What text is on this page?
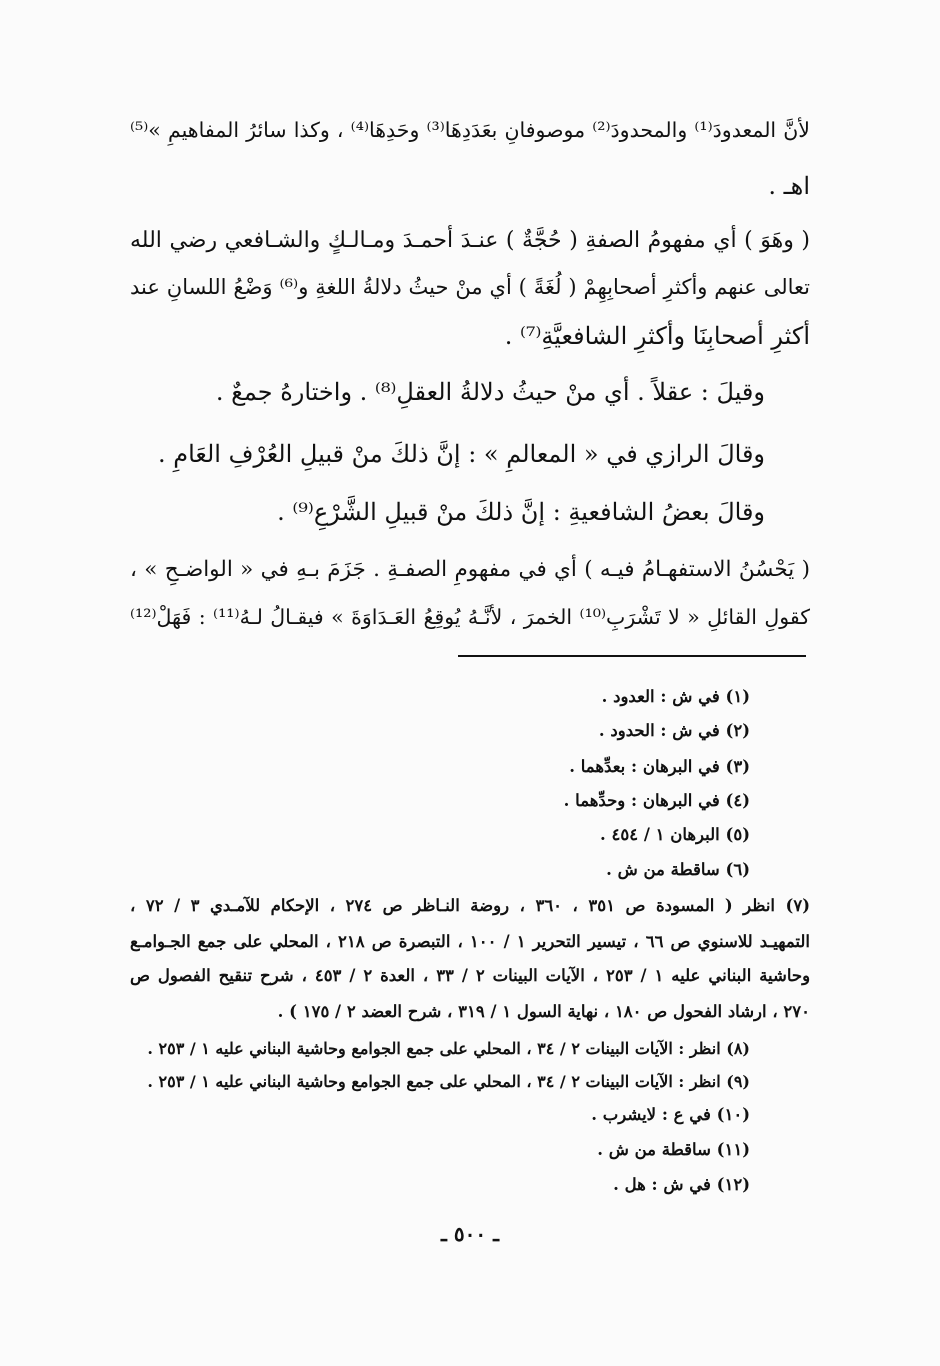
لأنَّ المعدودَ⁽¹⁾ والمحدودَ⁽²⁾ موصوفانِ بعَدَدِهَا⁽³⁾ وحَدِهَا⁽⁴⁾ ، وكذا سائرُ المفاهيمِ »⁽⁵⁾
اهـ .
( وهَوَ ) أي مفهومُ الصفةِ ( حُجَّةٌ ) عنـدَ أحمـدَ ومـالـكٍ والشـافعي رضي الله
تعالى عنهم وأكثرِ أصحابِهِمْ ( لُغَةً ) أي منْ حيثُ دلالةُ اللغةِ و⁽⁶⁾ وَضْعُ اللسانِ عند
أكثرِ أصحابِنَا وأكثرِ الشافعيَّةِ⁽⁷⁾ .
وقيلَ : عقلاً . أي منْ حيثُ دلالةُ العقلِ⁽⁸⁾ . واختارهُ جمعٌ .
وقالَ الرازي في « المعالمِ » : إنَّ ذلكَ منْ قبيلِ العُرْفِ العَامِ .
وقالَ بعضُ الشافعيةِ : إنَّ ذلكَ منْ قبيلِ الشَّرْعِ⁽⁹⁾ .
( يَحْسُنُ الاستفهـامُ فيـه ) أي في مفهومِ الصفـةِ . جَزَمَ بـهِ في « الواضـحِ » ،
كقولِ القائلِ « لا تَشْرَبِ⁽¹⁰⁾ الخمرَ ، لأنَّـهُ يُوقِعُ العَـدَاوَةَ » فيقـالُ لـهُ⁽¹¹⁾ : فَهَلْ⁽¹²⁾
(١) في ش : العدود .
(٢) في ش : الحدود .
(٣) في البرهان : بعدِّهما .
(٤) في البرهان : وحدِّهما .
(٥) البرهان ١ / ٤٥٤ .
(٦) ساقطة من ش .
(٧) انظر ( المسودة ص ٣٥١ ، ٣٦٠ ، روضة النـاظر ص ٢٧٤ ، الإحكام للآمـدي ٣ / ٧٢ ،
التمهيـد للاسنوي ص ٦٦ ، تيسير التحرير ١ / ١٠٠ ، التبصرة ص ٢١٨ ، المحلي على جمع الجـوامـع
وحاشية البناني عليه ١ / ٢٥٣ ، الآيات البينات ٢ / ٣٣ ، العدة ٢ / ٤٥٣ ، شرح تنقيح الفصول ص
٢٧٠ ، ارشاد الفحول ص ١٨٠ ، نهاية السول ١ / ٣١٩ ، شرح العضد ٢ / ١٧٥ ) .
(٨) انظر : الآيات البينات ٢ / ٣٤ ، المحلي على جمع الجوامع وحاشية البناني عليه ١ / ٢٥٣ .
(٩) انظر : الآيات البينات ٢ / ٣٤ ، المحلي على جمع الجوامع وحاشية البناني عليه ١ / ٢٥٣ .
(١٠) في ع : لايشرب .
(١١) ساقطة من ش .
(١٢) في ش : هل .
ـ ٥٠٠ ـ
